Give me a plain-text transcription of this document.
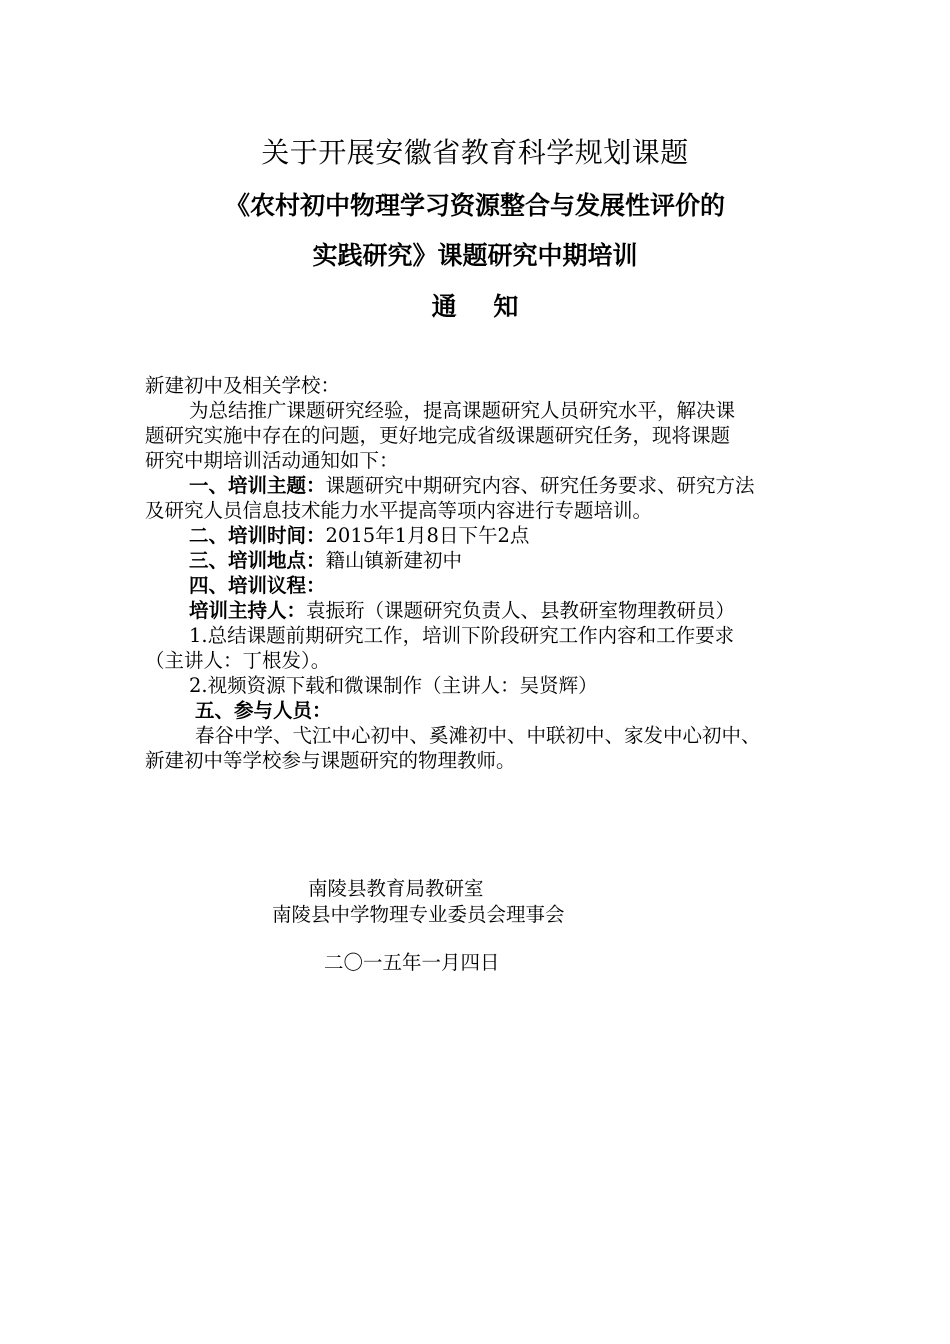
关于开展安徽省教育科学规划课题
《农村初中物理学习资源整合与发展性评价的
实践研究》课题研究中期培训
通 知
新建初中及相关学校：
为总结推广课题研究经验，提高课题研究人员研究水平，解决课
题研究实施中存在的问题，更好地完成省级课题研究任务，现将课题
研究中期培训活动通知如下：
一、培训主题：课题研究中期研究内容、研究任务要求、研究方法
及研究人员信息技术能力水平提高等项内容进行专题培训。
二、培训时间：2015年1月8日下午2点
三、培训地点：籍山镇新建初中
四、培训议程：
培训主持人：袁振珩（课题研究负责人、县教研室物理教研员）
1.总结课题前期研究工作，培训下阶段研究工作内容和工作要求
（主讲人：丁根发）。
2.视频资源下载和微课制作（主讲人：吴贤辉）
五、参与人员：
春谷中学、弋江中心初中、奚滩初中、中联初中、家发中心初中、
新建初中等学校参与课题研究的物理教师。
南陵县教育局教研室
南陵县中学物理专业委员会理事会
二〇一五年一月四日
